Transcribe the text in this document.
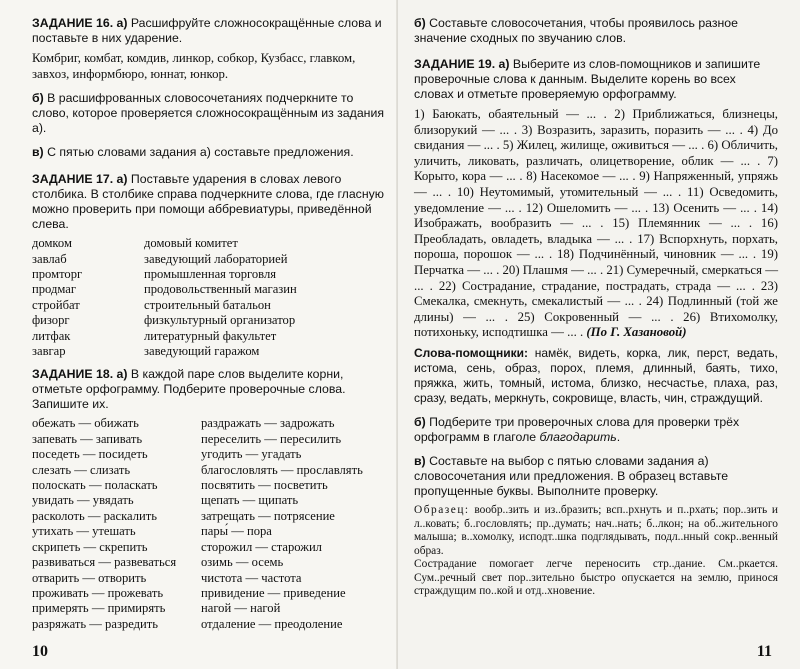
ЗАДАНИЕ 16. а) Расшифруйте сложносокращённые слова и поставьте в них ударение.
Комбриг, комбат, комдив, линкор, собкор, Кузбасс, главком, завхоз, информбюро, юннат, юнкор.
б) В расшифрованных словосочетаниях подчеркните то слово, которое проверяется сложносокращённым из задания а).
в) С пятью словами задания а) составьте предложения.
ЗАДАНИЕ 17. а) Поставьте ударения в словах левого столбика. В столбике справа подчеркните слова, где гласную можно проверить при помощи аббревиатуры, приведённой слева.
домком	домовый комитет
завлаб	заведующий лабораторией
промторг	промышленная торговля
продмаг	продовольственный магазин
стройбат	строительный батальон
физорг	физкультурный организатор
литфак	литературный факультет
завгар	заведующий гаражом
ЗАДАНИЕ 18. а) В каждой паре слов выделите корни, отметьте орфограмму. Подберите проверочные слова. Запишите их.
обежать — обижать	раздражать — задрожать
запевать — запивать	переселить — пересилить
поседеть — посидеть	угодить — угадать
слезать — слизать	благословлять — прославлять
полоскать — поласкать	посвятить — посветить
увидать — увядать	щепать — щипать
расколоть — раскалить	затрещать — потрясение
утихать — утешать	пары́ — пора
скрипеть — скрепить	сторожил — старожил
развиваться — развеваться	озимь — осемь
отварить — отворить	чистота — частота
проживать — прожевать	привидение — приведение
примерять — примирять	нагой — нагой
разряжать — разредить	отдаление — преодоление
10
б) Составьте словосочетания, чтобы проявилось разное значение сходных по звучанию слов.
ЗАДАНИЕ 19. а) Выберите из слов-помощников и запишите проверочные слова к данным. Выделите корень во всех словах и отметьте проверяемую орфограмму.
1) Баюкать, обаятельный — ... . 2) Приближаться, близнецы, близорукий — ... . 3) Возразить, заразить, поразить — ... . 4) До свидания — ... . 5) Жилец, жилище, оживиться — ... . 6) Обличить, уличить, ликовать, различать, олицетворение, облик — ... . 7) Корыто, кора — ... . 8) Насекомое — ... . 9) Напряженный, упряжь — ... . 10) Неутомимый, утомительный — ... . 11) Осведомить, уведомление — ... . 12) Ошеломить — ... . 13) Осенить — ... . 14) Изображать, вообразить — ... . 15) Племянник — ... . 16) Преобладать, овладеть, владыка — ... . 17) Вспорхнуть, порхать, пороша, порошок — ... . 18) Подчинённый, чиновник — ... . 19) Перчатка — ... . 20) Плашмя — ... . 21) Сумеречный, смеркаться — ... . 22) Сострадание, страдание, пострадать, страда — ... . 23) Смекалка, смекнуть, смекалистый — ... . 24) Подлинный (той же длины) — ... . 25) Сокровенный — ... . 26) Втихомолку, потихоньку, исподтишка — ... . (По Г. Хазановой)
Слова-помощники: намёк, видеть, корка, лик, перст, ведать, истома, сень, образ, порох, племя, длинный, баять, тихо, пряжка, жить, томный, истома, близко, несчастье, плаха, раз, сразу, ведать, меркнуть, сокровище, власть, чин, страждущий.
б) Подберите три проверочных слова для проверки трёх орфограмм в глаголе благодарить.
в) Составьте на выбор с пятью словами задания а) словосочетания или предложения. В образец вставьте пропущенные буквы. Выполните проверку.
Образец: вообр..зить и из..бразить; всп..рхнуть и п..рхать; пор..зить и л..ковать; б..гословлять; пр..думать; нач..нать; б..лкон; на об..жительного малыша; в..хомолку, исподт..шка подглядывать, подл..нный сокр..венный образ.
Сострадание помогает легче переносить стр..дание. См..ркается. Сум..речный свет пор..зительно быстро опускается на землю, принося страждущим по..кой и отд..хновение.
11
